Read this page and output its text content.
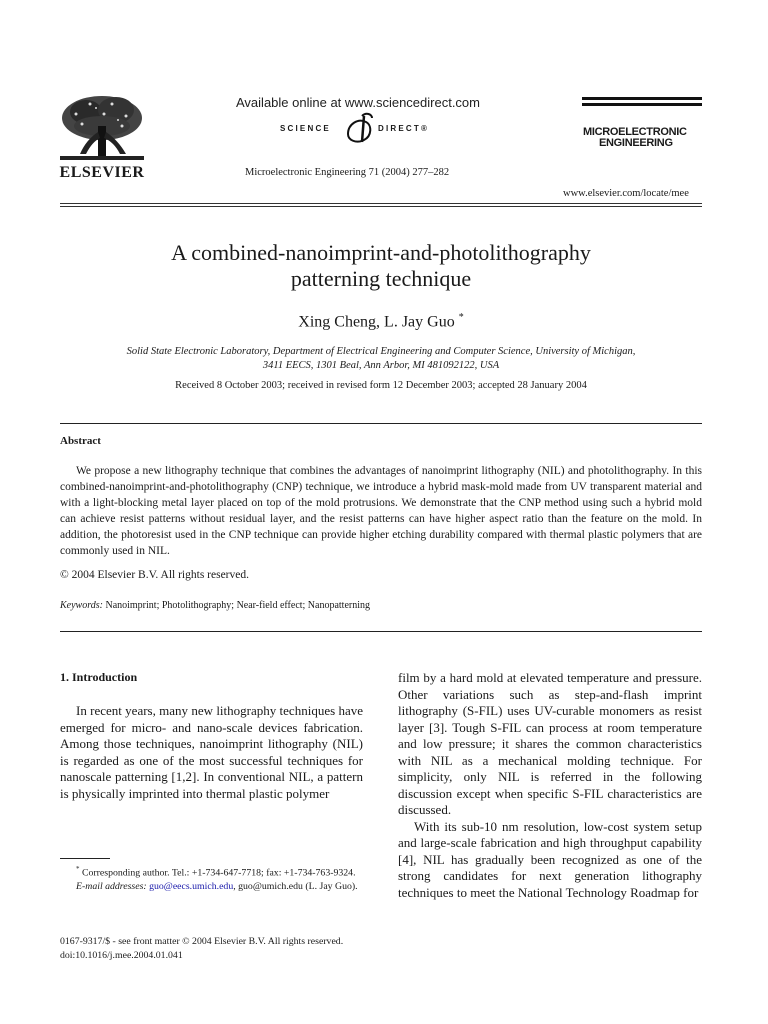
ELSEVIER
Available online at www.sciencedirect.com
SCIENCE	DIRECT®
Microelectronic Engineering 71 (2004) 277–282
MICROELECTRONIC
ENGINEERING
www.elsevier.com/locate/mee
A combined-nanoimprint-and-photolithography
patterning technique
Xing Cheng, L. Jay Guo *
Solid State Electronic Laboratory, Department of Electrical Engineering and Computer Science, University of Michigan,
3411 EECS, 1301 Beal, Ann Arbor, MI 481092122, USA
Received 8 October 2003; received in revised form 12 December 2003; accepted 28 January 2004
Abstract
We propose a new lithography technique that combines the advantages of nanoimprint lithography (NIL) and photolithography. In this combined-nanoimprint-and-photolithography (CNP) technique, we introduce a hybrid mask-mold made from UV transparent material and with a light-blocking metal layer placed on top of the mold protrusions. We demonstrate that the CNP method using such a hybrid mold can achieve resist patterns without residual layer, and the resist patterns can have higher aspect ratio than the feature on the mold. In addition, the photoresist used in the CNP technique can provide higher etching durability compared with thermal plastic polymers that are commonly used in NIL.
© 2004 Elsevier B.V. All rights reserved.
Keywords: Nanoimprint; Photolithography; Near-field effect; Nanopatterning
1. Introduction
In recent years, many new lithography techniques have emerged for micro- and nano-scale devices fabrication. Among those techniques, nanoimprint lithography (NIL) is regarded as one of the most successful techniques for nanoscale patterning [1,2]. In conventional NIL, a pattern is physically imprinted into thermal plastic polymer

film by a hard mold at elevated temperature and pressure. Other variations such as step-and-flash imprint lithography (S-FIL) uses UV-curable monomers as resist layer [3]. Tough S-FIL can process at room temperature and low pressure; it shares the common characteristics with NIL as a mechanical molding technique. For simplicity, only NIL is referred in the following discussion except when specific S-FIL characteristics are discussed.

With its sub-10 nm resolution, low-cost system setup and large-scale fabrication and high throughput capability [4], NIL has gradually been recognized as one of the strong candidates for next generation lithography techniques to meet the National Technology Roadmap for

* Corresponding author. Tel.: +1-734-647-7718; fax: +1-734-763-9324.
E-mail addresses: guo@eecs.umich.edu, guo@umich.edu (L. Jay Guo).
0167-9317/$ - see front matter © 2004 Elsevier B.V. All rights reserved.
doi:10.1016/j.mee.2004.01.041
